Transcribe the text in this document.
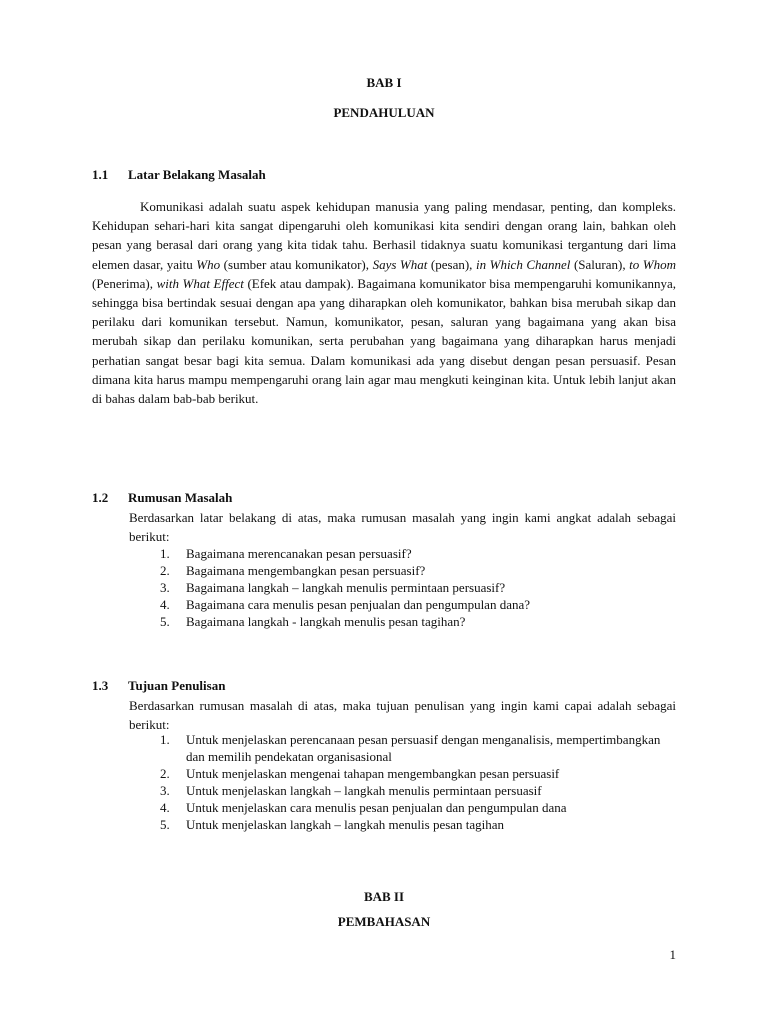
BAB I
PENDAHULUAN
1.1 Latar Belakang Masalah
Komunikasi adalah suatu aspek kehidupan manusia yang paling mendasar, penting, dan kompleks. Kehidupan sehari-hari kita sangat dipengaruhi oleh komunikasi kita sendiri dengan orang lain, bahkan oleh pesan yang berasal dari orang yang kita tidak tahu. Berhasil tidaknya suatu komunikasi tergantung dari lima elemen dasar, yaitu Who (sumber atau komunikator), Says What (pesan), in Which Channel (Saluran), to Whom (Penerima), with What Effect (Efek atau dampak). Bagaimana komunikator bisa mempengaruhi komunikannya, sehingga bisa bertindak sesuai dengan apa yang diharapkan oleh komunikator, bahkan bisa merubah sikap dan perilaku dari komunikan tersebut. Namun, komunikator, pesan, saluran yang bagaimana yang akan bisa merubah sikap dan perilaku komunikan, serta perubahan yang bagaimana yang diharapkan harus menjadi perhatian sangat besar bagi kita semua. Dalam komunikasi ada yang disebut dengan pesan persuasif. Pesan dimana kita harus mampu mempengaruhi orang lain agar mau mengkuti keinginan kita. Untuk lebih lanjut akan di bahas dalam bab-bab berikut.
1.2 Rumusan Masalah
Berdasarkan latar belakang di atas, maka rumusan masalah yang ingin kami angkat adalah sebagai berikut:
1.	Bagaimana merencanakan pesan persuasif?
2.	Bagaimana mengembangkan pesan persuasif?
3.	Bagaimana langkah – langkah menulis permintaan persuasif?
4.	Bagaimana cara menulis pesan penjualan dan pengumpulan dana?
5.	Bagaimana langkah - langkah menulis pesan tagihan?
1.3 Tujuan Penulisan
Berdasarkan rumusan masalah di atas, maka tujuan penulisan yang ingin kami capai adalah sebagai berikut:
1.	Untuk menjelaskan perencanaan pesan persuasif dengan menganalisis, mempertimbangkan dan memilih pendekatan organisasional
2.	Untuk menjelaskan mengenai tahapan mengembangkan pesan persuasif
3.	Untuk menjelaskan langkah – langkah menulis permintaan persuasif
4.	Untuk menjelaskan cara menulis pesan penjualan dan pengumpulan dana
5.	Untuk menjelaskan langkah – langkah menulis pesan tagihan
BAB II
PEMBAHASAN
1
